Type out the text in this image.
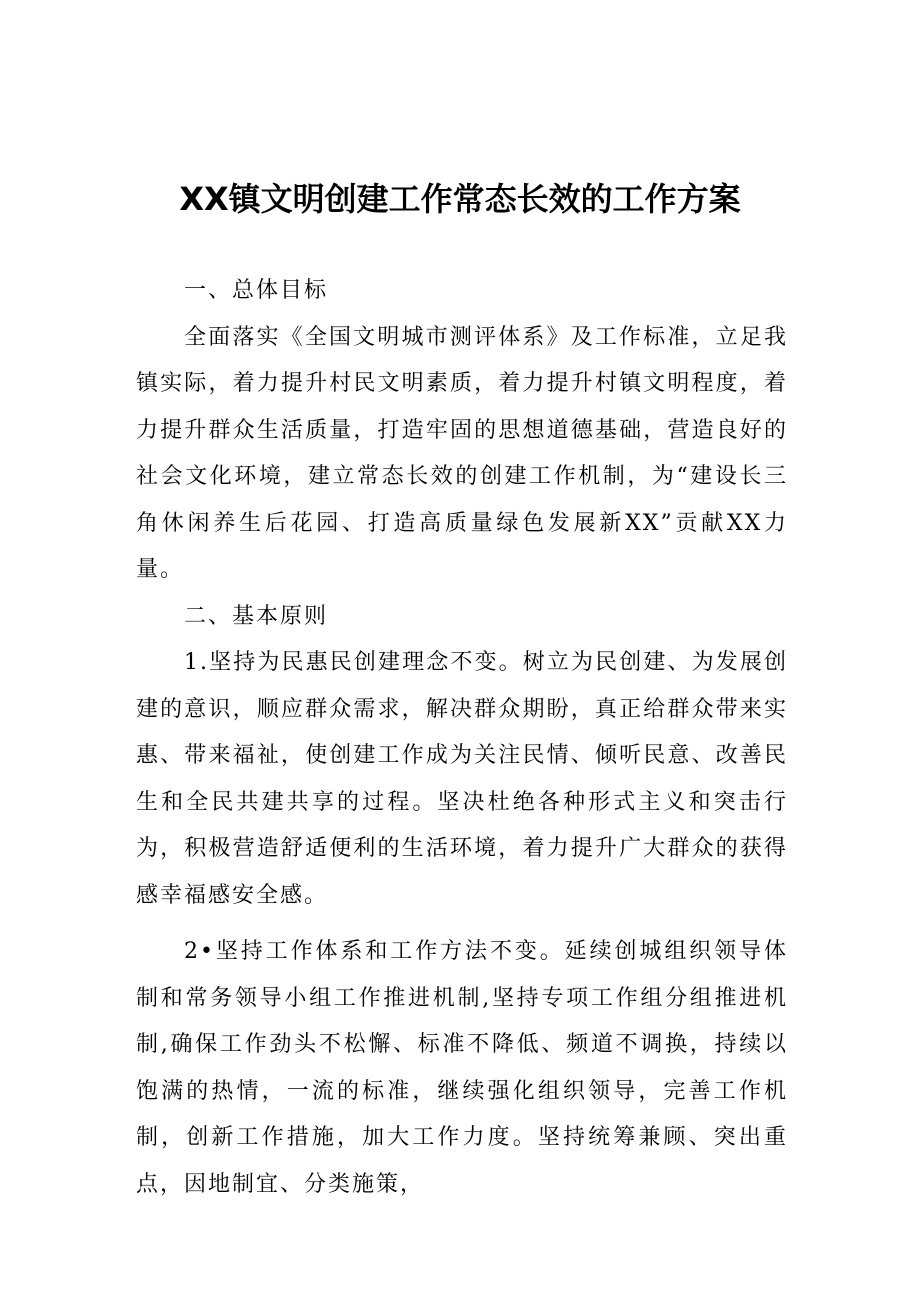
XX镇文明创建工作常态长效的工作方案

一、总体目标

全面落实《全国文明城市测评体系》及工作标准，立足我镇实际，着力提升村民文明素质，着力提升村镇文明程度，着力提升群众生活质量，打造牢固的思想道德基础，营造良好的社会文化环境，建立常态长效的创建工作机制，为“建设长三角休闲养生后花园、打造高质量绿色发展新XX”贡献XX力量。

二、基本原则

1.坚持为民惠民创建理念不变。树立为民创建、为发展创建的意识，顺应群众需求，解决群众期盼，真正给群众带来实惠、带来福祉，使创建工作成为关注民情、倾听民意、改善民生和全民共建共享的过程。坚决杜绝各种形式主义和突击行为，积极营造舒适便利的生活环境，着力提升广大群众的获得感幸福感安全感。

2•坚持工作体系和工作方法不变。延续创城组织领导体制和常务领导小组工作推进机制,坚持专项工作组分组推进机制,确保工作劲头不松懈、标准不降低、频道不调换，持续以饱满的热情，一流的标准，继续强化组织领导，完善工作机制，创新工作措施，加大工作力度。坚持统筹兼顾、突出重点，因地制宜、分类施策，
